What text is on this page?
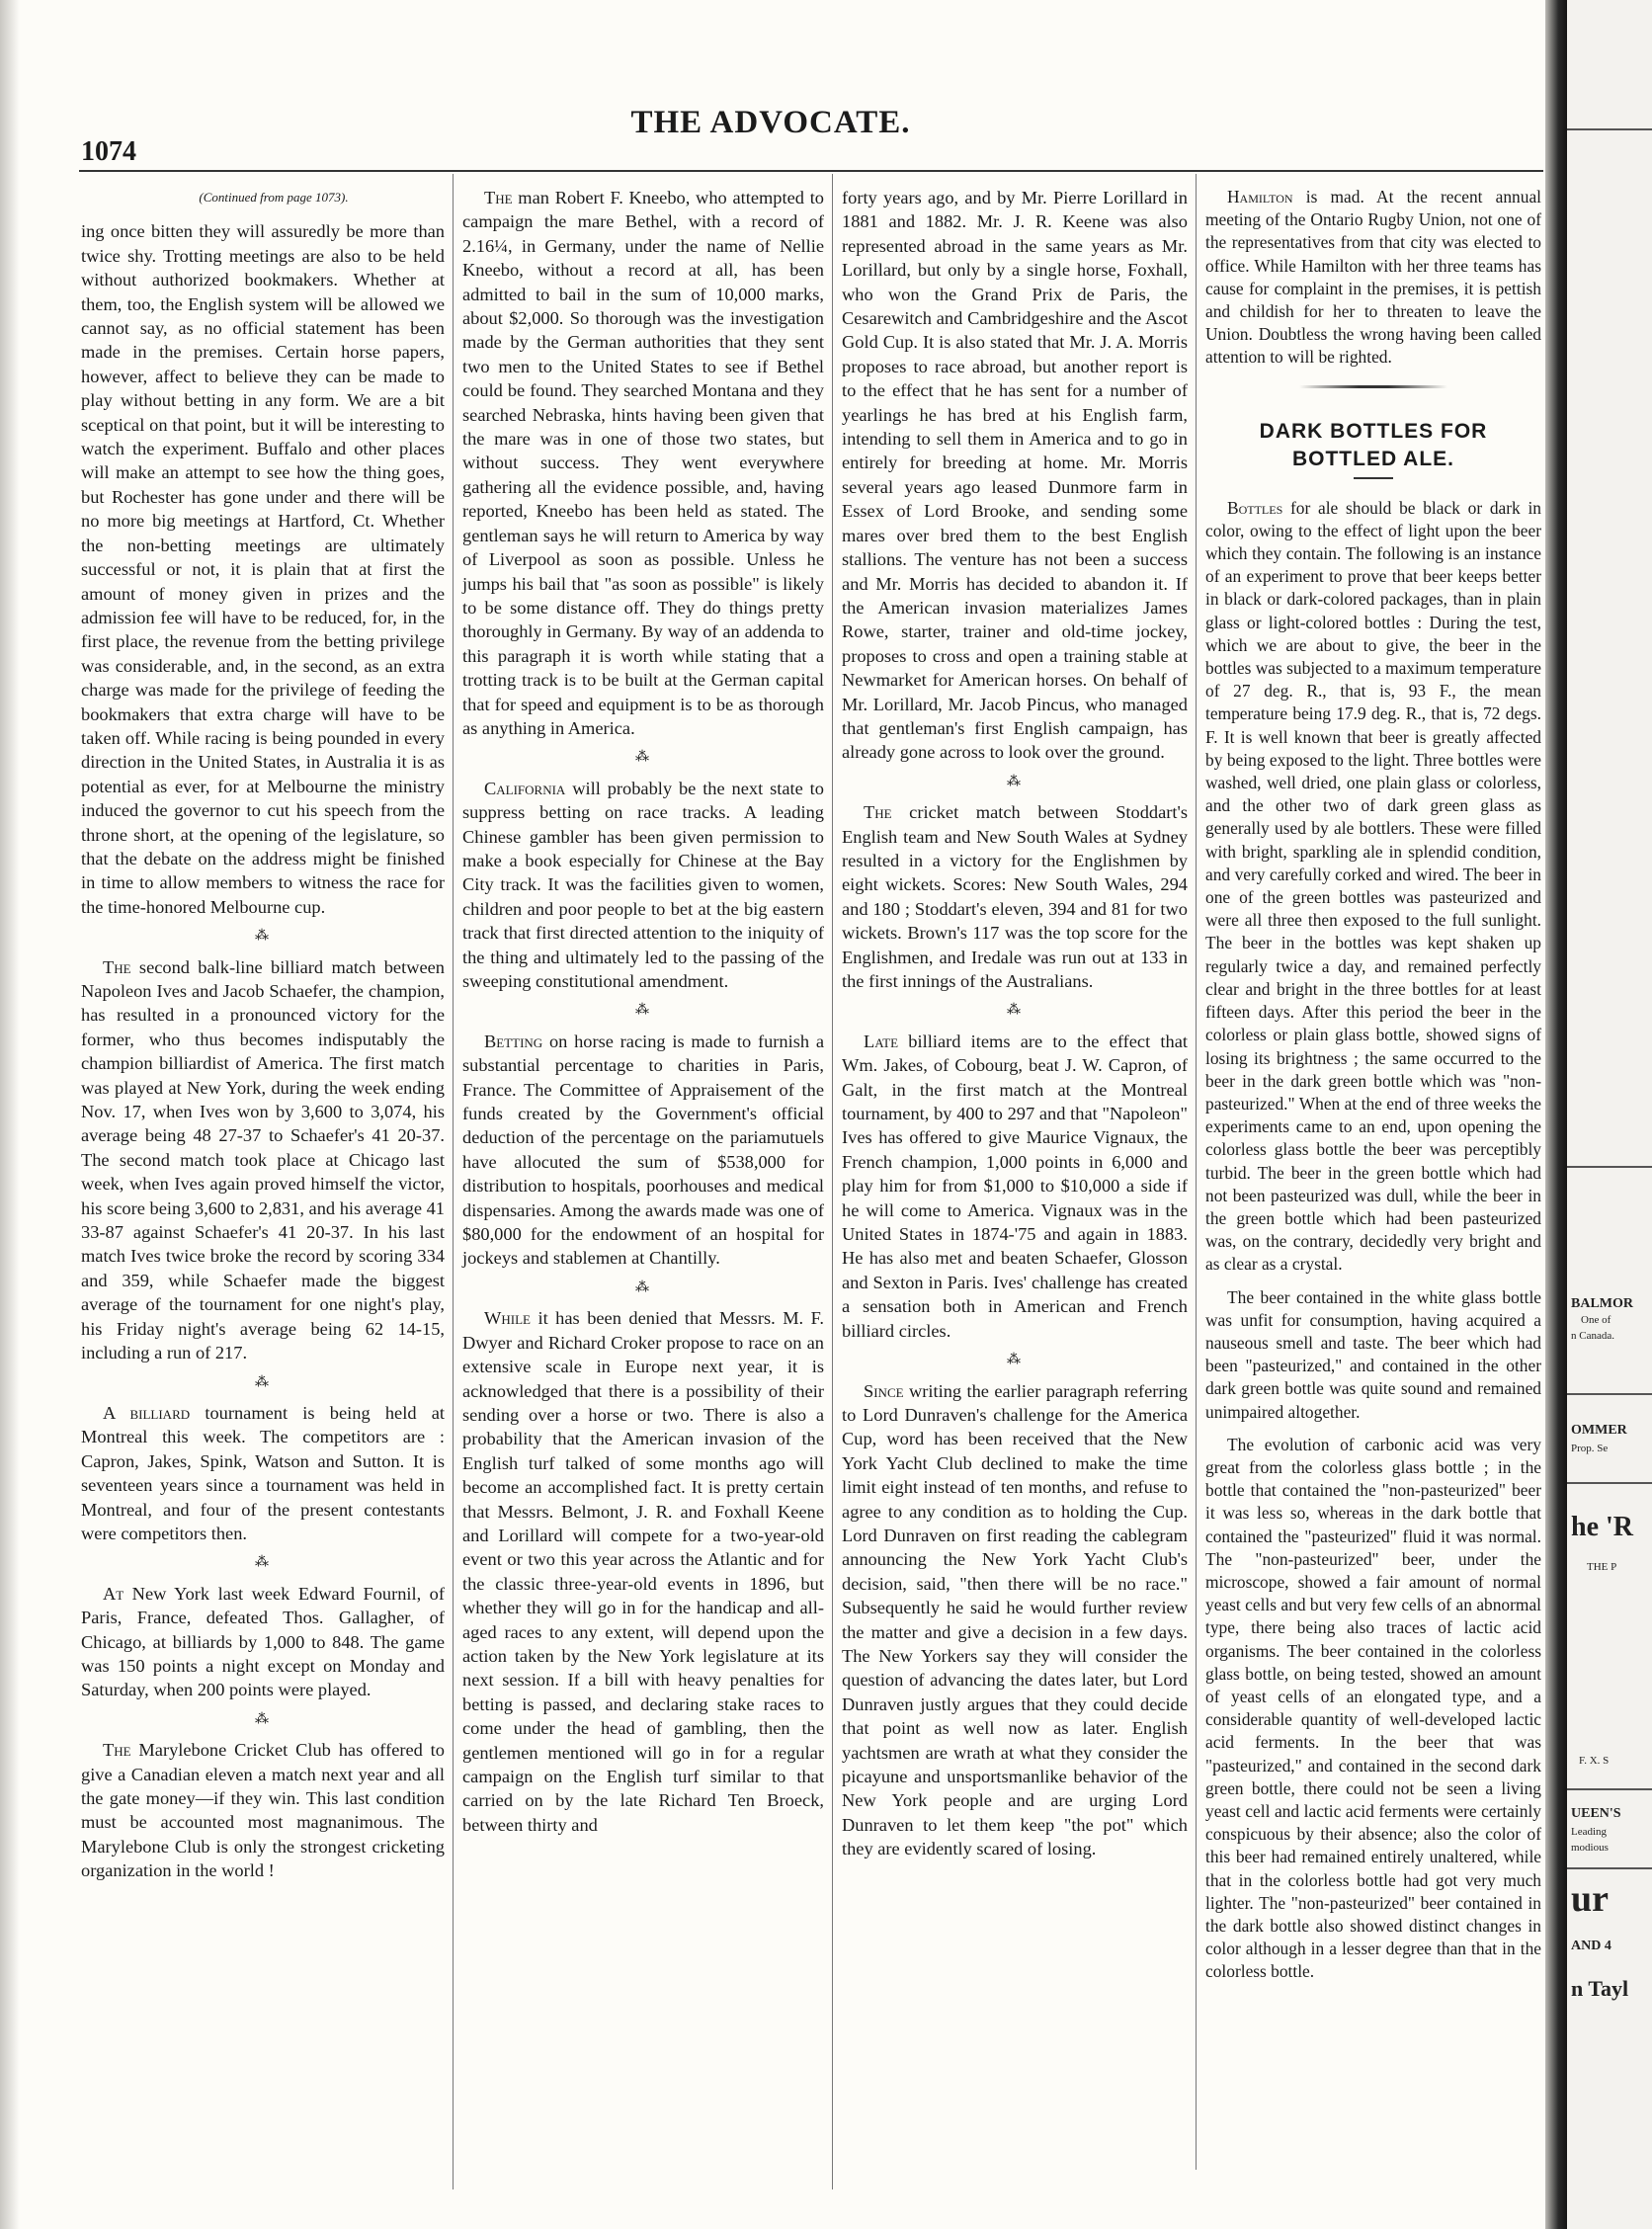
1074
THE ADVOCATE.

(Continued from page 1073).

ing once bitten they will assuredly be more than twice shy. Trotting meetings are also to be held without authorized bookmakers. Whether at them, too, the English system will be allowed we cannot say, as no official statement has been made in the premises. Certain horse papers, however, affect to believe they can be made to play without betting in any form. We are a bit sceptical on that point, but it will be interesting to watch the experiment. Buffalo and other places will make an attempt to see how the thing goes, but Rochester has gone under and there will be no more big meetings at Hartford, Ct. Whether the non-betting meetings are ultimately successful or not, it is plain that at first the amount of money given in prizes and the admission fee will have to be reduced, for, in the first place, the revenue from the betting privilege was considerable, and, in the second, as an extra charge was made for the privilege of feeding the bookmakers that extra charge will have to be taken off. While racing is being pounded in every direction in the United States, in Australia it is as potential as ever, for at Melbourne the ministry induced the governor to cut his speech from the throne short, at the opening of the legislature, so that the debate on the address might be finished in time to allow members to witness the race for the time-honored Melbourne cup.

⁂

The second balk-line billiard match between Napoleon Ives and Jacob Schaefer, the champion, has resulted in a pronounced victory for the former, who thus becomes indisputably the champion billiardist of America. The first match was played at New York, during the week ending Nov. 17, when Ives won by 3,600 to 3,074, his average being 48 27-37 to Schaefer's 41 20-37. The second match took place at Chicago last week, when Ives again proved himself the victor, his score being 3,600 to 2,831, and his average 41 33-87 against Schaefer's 41 20-37. In his last match Ives twice broke the record by scoring 334 and 359, while Schaefer made the biggest average of the tournament for one night's play, his Friday night's average being 62 14-15, including a run of 217.

⁂

A billiard tournament is being held at Montreal this week. The competitors are : Capron, Jakes, Spink, Watson and Sutton. It is seventeen years since a tournament was held in Montreal, and four of the present contestants were competitors then.

⁂

At New York last week Edward Fournil, of Paris, France, defeated Thos. Gallagher, of Chicago, at billiards by 1,000 to 848. The game was 150 points a night except on Monday and Saturday, when 200 points were played.

⁂

The Marylebone Cricket Club has offered to give a Canadian eleven a match next year and all the gate money—if they win. This last condition must be accounted most magnanimous. The Marylebone Club is only the strongest cricketing organization in the world !

The man Robert F. Kneebo, who attempted to campaign the mare Bethel, with a record of 2.16¼, in Germany, under the name of Nellie Kneebo, without a record at all, has been admitted to bail in the sum of 10,000 marks, about $2,000. So thorough was the investigation made by the German authorities that they sent two men to the United States to see if Bethel could be found. They searched Montana and they searched Nebraska, hints having been given that the mare was in one of those two states, but without success. They went everywhere gathering all the evidence possible, and, having reported, Kneebo has been held as stated. The gentleman says he will return to America by way of Liverpool as soon as possible. Unless he jumps his bail that "as soon as possible" is likely to be some distance off. They do things pretty thoroughly in Germany. By way of an addenda to this paragraph it is worth while stating that a trotting track is to be built at the German capital that for speed and equipment is to be as thorough as anything in America.

⁂

California will probably be the next state to suppress betting on race tracks. A leading Chinese gambler has been given permission to make a book especially for Chinese at the Bay City track. It was the facilities given to women, children and poor people to bet at the big eastern track that first directed attention to the iniquity of the thing and ultimately led to the passing of the sweeping constitutional amendment.

⁂

Betting on horse racing is made to furnish a substantial percentage to charities in Paris, France. The Committee of Appraisement of the funds created by the Government's official deduction of the percentage on the pariamutuels have allocuted the sum of $538,000 for distribution to hospitals, poorhouses and medical dispensaries. Among the awards made was one of $80,000 for the endowment of an hospital for jockeys and stablemen at Chantilly.

⁂

While it has been denied that Messrs. M. F. Dwyer and Richard Croker propose to race on an extensive scale in Europe next year, it is acknowledged that there is a possibility of their sending over a horse or two. There is also a probability that the American invasion of the English turf talked of some months ago will become an accomplished fact. It is pretty certain that Messrs. Belmont, J. R. and Foxhall Keene and Lorillard will compete for a two-year-old event or two this year across the Atlantic and for the classic three-year-old events in 1896, but whether they will go in for the handicap and all-aged races to any extent, will depend upon the action taken by the New York legislature at its next session. If a bill with heavy penalties for betting is passed, and declaring stake races to come under the head of gambling, then the gentlemen mentioned will go in for a regular campaign on the English turf similar to that carried on by the late Richard Ten Broeck, between thirty and

forty years ago, and by Mr. Pierre Lorillard in 1881 and 1882. Mr. J. R. Keene was also represented abroad in the same years as Mr. Lorillard, but only by a single horse, Foxhall, who won the Grand Prix de Paris, the Cesarewitch and Cambridgeshire and the Ascot Gold Cup. It is also stated that Mr. J. A. Morris proposes to race abroad, but another report is to the effect that he has sent for a number of yearlings he has bred at his English farm, intending to sell them in America and to go in entirely for breeding at home. Mr. Morris several years ago leased Dunmore farm in Essex of Lord Brooke, and sending some mares over bred them to the best English stallions. The venture has not been a success and Mr. Morris has decided to abandon it. If the American invasion materializes James Rowe, starter, trainer and old-time jockey, proposes to cross and open a training stable at Newmarket for American horses. On behalf of Mr. Lorillard, Mr. Jacob Pincus, who managed that gentleman's first English campaign, has already gone across to look over the ground.

⁂

The cricket match between Stoddart's English team and New South Wales at Sydney resulted in a victory for the Englishmen by eight wickets. Scores: New South Wales, 294 and 180 ; Stoddart's eleven, 394 and 81 for two wickets. Brown's 117 was the top score for the Englishmen, and Iredale was run out at 133 in the first innings of the Australians.

⁂

Late billiard items are to the effect that Wm. Jakes, of Cobourg, beat J. W. Capron, of Galt, in the first match at the Montreal tournament, by 400 to 297 and that "Napoleon" Ives has offered to give Maurice Vignaux, the French champion, 1,000 points in 6,000 and play him for from $1,000 to $10,000 a side if he will come to America. Vignaux was in the United States in 1874-'75 and again in 1883. He has also met and beaten Schaefer, Glosson and Sexton in Paris. Ives' challenge has created a sensation both in American and French billiard circles.

⁂

Since writing the earlier paragraph referring to Lord Dunraven's challenge for the America Cup, word has been received that the New York Yacht Club declined to make the time limit eight instead of ten months, and refuse to agree to any condition as to holding the Cup. Lord Dunraven on first reading the cablegram announcing the New York Yacht Club's decision, said, "then there will be no race." Subsequently he said he would further review the matter and give a decision in a few days. The New Yorkers say they will consider the question of advancing the dates later, but Lord Dunraven justly argues that they could decide that point as well now as later. English yachtsmen are wrath at what they consider the picayune and unsportsmanlike behavior of the New York people and are urging Lord Dunraven to let them keep "the pot" which they are evidently scared of losing.

Hamilton is mad. At the recent annual meeting of the Ontario Rugby Union, not one of the representatives from that city was elected to office. While Hamilton with her three teams has cause for complaint in the premises, it is pettish and childish for her to threaten to leave the Union. Doubtless the wrong having been called attention to will be righted.

DARK BOTTLES FOR BOTTLED ALE.

Bottles for ale should be black or dark in color, owing to the effect of light upon the beer which they contain. The following is an instance of an experiment to prove that beer keeps better in black or dark-colored packages, than in plain glass or light-colored bottles : During the test, which we are about to give, the beer in the bottles was subjected to a maximum temperature of 27 deg. R., that is, 93 F., the mean temperature being 17.9 deg. R., that is, 72 degs. F. It is well known that beer is greatly affected by being exposed to the light. Three bottles were washed, well dried, one plain glass or colorless, and the other two of dark green glass as generally used by ale bottlers. These were filled with bright, sparkling ale in splendid condition, and very carefully corked and wired. The beer in one of the green bottles was pasteurized and were all three then exposed to the full sunlight. The beer in the bottles was kept shaken up regularly twice a day, and remained perfectly clear and bright in the three bottles for at least fifteen days. After this period the beer in the colorless or plain glass bottle, showed signs of losing its brightness ; the same occurred to the beer in the dark green bottle which was "non-pasteurized." When at the end of three weeks the experiments came to an end, upon opening the colorless glass bottle the beer was perceptibly turbid. The beer in the green bottle which had not been pasteurized was dull, while the beer in the green bottle which had been pasteurized was, on the contrary, decidedly very bright and as clear as a crystal.

The beer contained in the white glass bottle was unfit for consumption, having acquired a nauseous smell and taste. The beer which had been "pasteurized," and contained in the other dark green bottle was quite sound and remained unimpaired altogether.

The evolution of carbonic acid was very great from the colorless glass bottle ; in the bottle that contained the "non-pasteurized" beer it was less so, whereas in the dark bottle that contained the "pasteurized" fluid it was normal. The "non-pasteurized" beer, under the microscope, showed a fair amount of normal yeast cells and but very few cells of an abnormal type, there being also traces of lactic acid organisms. The beer contained in the colorless glass bottle, on being tested, showed an amount of yeast cells of an elongated type, and a considerable quantity of well-developed lactic acid ferments. In the beer that was "pasteurized," and contained in the second dark green bottle, there could not be seen a living yeast cell and lactic acid ferments were certainly conspicuous by their absence; also the color of this beer had remained entirely unaltered, while that in the colorless bottle had got very much lighter. The "non-pasteurized" beer contained in the dark bottle also showed distinct changes in color although in a lesser degree than that in the colorless bottle.

BALMOR
One of
n Canada.
OMMER
Prop. Se
he 'R
THE P
F. X. S
UEEN'S
Leading
modious
ur
AND 4
n Tayl
